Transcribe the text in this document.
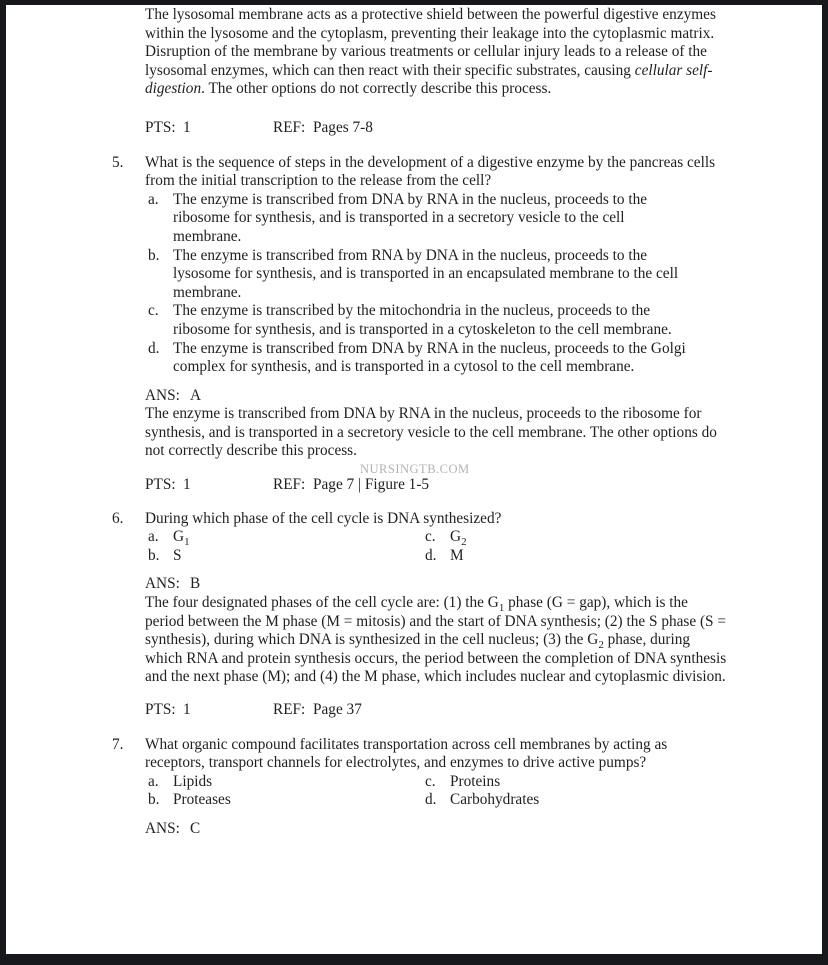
The lysosomal membrane acts as a protective shield between the powerful digestive enzymes within the lysosome and the cytoplasm, preventing their leakage into the cytoplasmic matrix. Disruption of the membrane by various treatments or cellular injury leads to a release of the lysosomal enzymes, which can then react with their specific substrates, causing cellular self-digestion. The other options do not correctly describe this process.
PTS: 1	REF: Pages 7-8
5.	What is the sequence of steps in the development of a digestive enzyme by the pancreas cells from the initial transcription to the release from the cell?
a. The enzyme is transcribed from DNA by RNA in the nucleus, proceeds to the ribosome for synthesis, and is transported in a secretory vesicle to the cell membrane.
b. The enzyme is transcribed from RNA by DNA in the nucleus, proceeds to the lysosome for synthesis, and is transported in an encapsulated membrane to the cell membrane.
c. The enzyme is transcribed by the mitochondria in the nucleus, proceeds to the ribosome for synthesis, and is transported in a cytoskeleton to the cell membrane.
d. The enzyme is transcribed from DNA by RNA in the nucleus, proceeds to the Golgi complex for synthesis, and is transported in a cytosol to the cell membrane.
ANS: A
The enzyme is transcribed from DNA by RNA in the nucleus, proceeds to the ribosome for synthesis, and is transported in a secretory vesicle to the cell membrane. The other options do not correctly describe this process.
NURSINGTB.COM
PTS: 1	REF: Page 7 | Figure 1-5
6.	During which phase of the cell cycle is DNA synthesized?
a. $G_1$	c. $G_2$
b. S	d. M
ANS: B
The four designated phases of the cell cycle are: (1) the $G_1$ phase (G = gap), which is the period between the M phase (M = mitosis) and the start of DNA synthesis; (2) the S phase (S = synthesis), during which DNA is synthesized in the cell nucleus; (3) the $G_2$ phase, during which RNA and protein synthesis occurs, the period between the completion of DNA synthesis and the next phase (M); and (4) the M phase, which includes nuclear and cytoplasmic division.
PTS: 1	REF: Page 37
7.	What organic compound facilitates transportation across cell membranes by acting as receptors, transport channels for electrolytes, and enzymes to drive active pumps?
a. Lipids	c. Proteins
b. Proteases	d. Carbohydrates
ANS: C
